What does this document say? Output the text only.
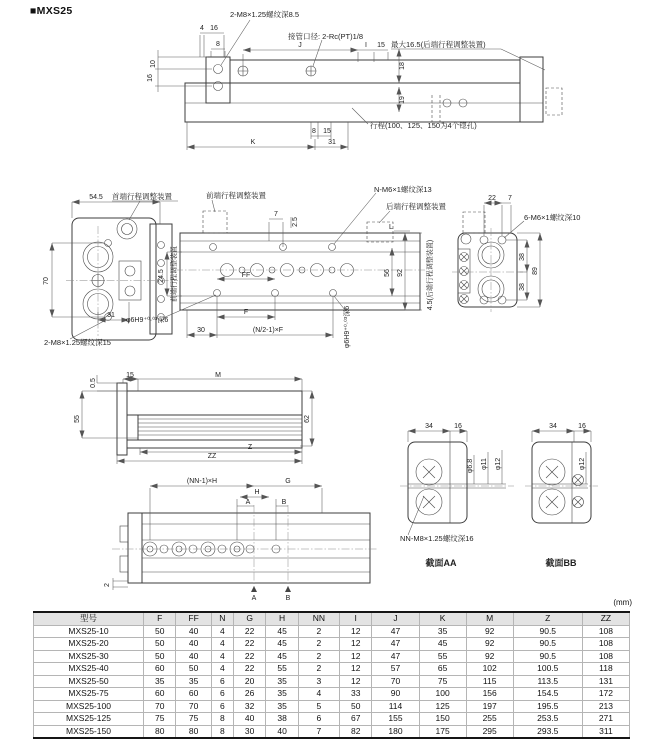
■MXS25	2-M8×1.25螺纹深8.5
接管口径: 2-Rc(PT)1/8
最大16.5(后端行程调整装置)
行程(100、125、150为4个锪孔)
4 16
8	J	I 15
10
16
18
19
8 15
K	31
54.5 首端行程调整装置
70
31
2-M8×1.25螺纹深15
前端行程调整装置
N-M6×1螺纹深13
后端行程调整装置
7
2.5
L
24.5 前端行程调整装置	56 92
FF
F
30	(N/2-1)×F
φ6H9⁺⁰·⁰³深6	φ6H9⁺⁰·⁰³深6
22 7
6-M6×1螺纹深10
38
38
89
4.5(后端行程调整装置)
0.5
15	M
55	62
Z
ZZ
(NN-1)×H	G
H
A	B
A	B
2
34	16
φ6.8 φ11 φ12
NN-M8×1.25螺纹深16
截面AA
34	16
φ12
截面BB
(mm)
型号	F	FF	N	G	H	NN	I	J	K	M	Z	ZZ
MXS25-10	50	40	4	22	45	2	12	47	35	92	90.5	108
MXS25-20	50	40	4	22	45	2	12	47	45	92	90.5	108
MXS25-30	50	40	4	22	45	2	12	47	55	92	90.5	108
MXS25-40	60	50	4	22	55	2	12	57	65	102	100.5	118
MXS25-50	35	35	6	20	35	3	12	70	75	115	113.5	131
MXS25-75	60	60	6	26	35	4	33	90	100	156	154.5	172
MXS25-100	70	70	6	32	35	5	50	114	125	197	195.5	213
MXS25-125	75	75	8	40	38	6	67	155	150	255	253.5	271
MXS25-150	80	80	8	30	40	7	82	180	175	295	293.5	311
